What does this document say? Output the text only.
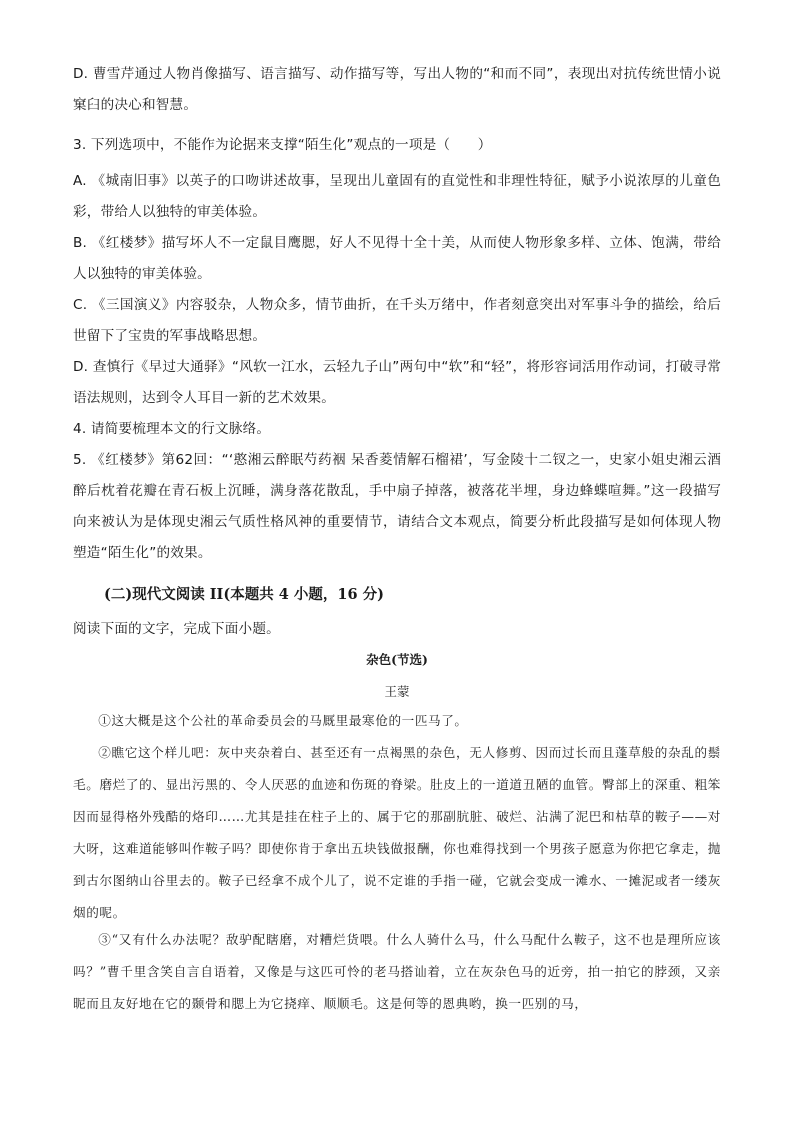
D. 曹雪芹通过人物肖像描写、语言描写、动作描写等，写出人物的“和而不同”，表现出对抗传统世情小说窠臼的决心和智慧。

3. 下列选项中，不能作为论据来支撑“陌生化”观点的一项是（　　）

A. 《城南旧事》以英子的口吻讲述故事，呈现出儿童固有的直觉性和非理性特征，赋予小说浓厚的儿童色彩，带给人以独特的审美体验。

B. 《红楼梦》描写坏人不一定鼠目鹰腮，好人不见得十全十美，从而使人物形象多样、立体、饱满，带给人以独特的审美体验。

C. 《三国演义》内容驳杂，人物众多，情节曲折，在千头万绪中，作者刻意突出对军事斗争的描绘，给后世留下了宝贵的军事战略思想。

D. 查慎行《早过大通驿》“风软一江水，云轻九子山”两句中“软”和“轻”，将形容词活用作动词，打破寻常语法规则，达到令人耳目一新的艺术效果。

4. 请简要梳理本文的行文脉络。

5. 《红楼梦》第62回：“‘憨湘云醉眠芍药裀 呆香菱情解石榴裙’，写金陵十二钗之一，史家小姐史湘云酒醉后枕着花瓣在青石板上沉睡，满身落花散乱，手中扇子掉落，被落花半埋，身边蜂蝶喧舞。”这一段描写向来被认为是体现史湘云气质性格风神的重要情节，请结合文本观点，简要分析此段描写是如何体现人物塑造“陌生化”的效果。

(二)现代文阅读 II(本题共 4 小题，16 分)

阅读下面的文字，完成下面小题。

杂色(节选)

王蒙

①这大概是这个公社的革命委员会的马厩里最寒伧的一匹马了。

②瞧它这个样儿吧：灰中夹杂着白、甚至还有一点褐黑的杂色，无人修剪、因而过长而且蓬草般的杂乱的鬃毛。磨烂了的、显出污黑的、令人厌恶的血迹和伤斑的脊梁。肚皮上的一道道丑陋的血管。臀部上的深重、粗笨因而显得格外残酷的烙印……尤其是挂在柱子上的、属于它的那副肮脏、破烂、沾满了泥巴和枯草的鞍子——对大呀，这难道能够叫作鞍子吗？即使你肯于拿出五块钱做报酬，你也难得找到一个男孩子愿意为你把它拿走，抛到古尔图纳山谷里去的。鞍子已经拿不成个儿了，说不定谁的手指一碰，它就会变成一滩水、一摊泥或者一缕灰烟的呢。

③“又有什么办法呢？敌驴配瞎磨，对糟烂货喂。什么人骑什么马，什么马配什么鞍子，这不也是理所应该吗？”曹千里含笑自言自语着，又像是与这匹可怜的老马搭讪着，立在灰杂色马的近旁，拍一拍它的脖颈，又亲昵而且友好地在它的颞骨和腮上为它挠痒、顺顺毛。这是何等的恩典哟，换一匹别的马，
